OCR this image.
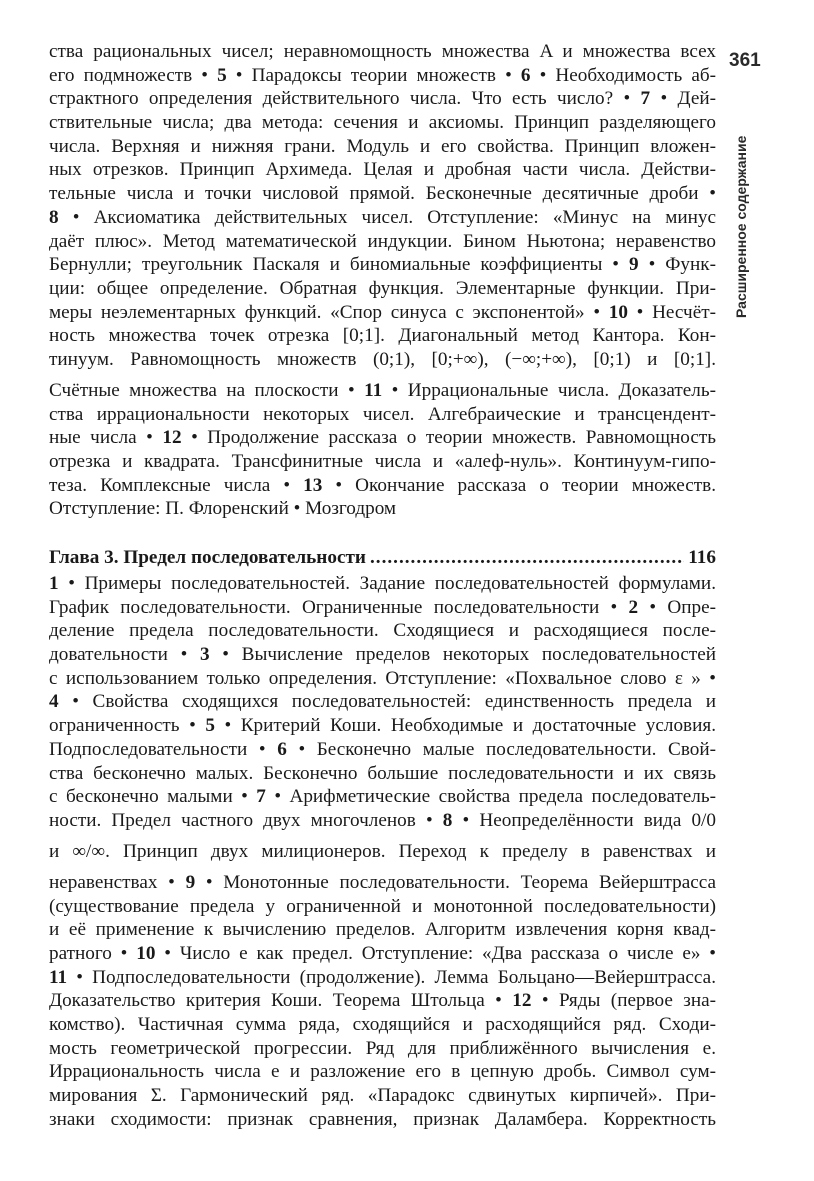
361
Расширенное содержание
ства рациональных чисел; неравномощность множества A и множества всех
его подмножеств • 5 • Парадоксы теории множеств • 6 • Необходимость аб-
страктного определения действительного числа. Что есть число? • 7 • Дей-
ствительные числа; два метода: сечения и аксиомы. Принцип разделяющего
числа. Верхняя и нижняя грани. Модуль и его свойства. Принцип вложен-
ных отрезков. Принцип Архимеда. Целая и дробная части числа. Действи-
тельные числа и точки числовой прямой. Бесконечные десятичные дроби •
8 • Аксиоматика действительных чисел. Отступление: «Минус на минус
даёт плюс». Метод математической индукции. Бином Ньютона; неравенство
Бернулли; треугольник Паскаля и биномиальные коэффициенты • 9 • Функ-
ции: общее определение. Обратная функция. Элементарные функции. При-
меры неэлементарных функций. «Спор синуса с экспонентой» • 10 • Несчёт-
ность множества точек отрезка [0;1]. Диагональный метод Кантора. Кон-
тинуум. Равномощность множеств (0;1), [0;+∞), (−∞;+∞), [0;1) и [0;1].
Счётные множества на плоскости • 11 • Иррациональные числа. Доказатель-
ства иррациональности некоторых чисел. Алгебраические и трансцендент-
ные числа • 12 • Продолжение рассказа о теории множеств. Равномощность
отрезка и квадрата. Трансфинитные числа и «алеф-нуль». Континуум-гипо-
теза. Комплексные числа • 13 • Окончание рассказа о теории множеств.
Отступление: П. Флоренский • Мозгодром
Глава 3. Предел последовательности
.....	116
1 • Примеры последовательностей. Задание последовательностей формулами.
График последовательности. Ограниченные последовательности • 2 • Опре-
деление предела последовательности. Сходящиеся и расходящиеся после-
довательности • 3 • Вычисление пределов некоторых последовательностей
с использованием только определения. Отступление: «Похвальное слово ε » •
4 • Свойства сходящихся последовательностей: единственность предела и
ограниченность • 5 • Критерий Коши. Необходимые и достаточные условия.
Подпоследовательности • 6 • Бесконечно малые последовательности. Свой-
ства бесконечно малых. Бесконечно большие последовательности и их связь
с бесконечно малыми • 7 • Арифметические свойства предела последователь-
ности. Предел частного двух многочленов • 8 • Неопределённости вида 0/0
и ∞/∞. Принцип двух милиционеров. Переход к пределу в равенствах и
неравенствах • 9 • Монотонные последовательности. Теорема Вейерштрасса
(существование предела у ограниченной и монотонной последовательности)
и её применение к вычислению пределов. Алгоритм извлечения корня квад-
ратного • 10 • Число e как предел. Отступление: «Два рассказа о числе e» •
11 • Подпоследовательности (продолжение). Лемма Больцано—Вейерштрасса.
Доказательство критерия Коши. Теорема Штольца • 12 • Ряды (первое зна-
комство). Частичная сумма ряда, сходящийся и расходящийся ряд. Сходи-
мость геометрической прогрессии. Ряд для приближённого вычисления e.
Иррациональность числа e и разложение его в цепную дробь. Символ сум-
мирования Σ. Гармонический ряд. «Парадокс сдвинутых кирпичей». При-
знаки сходимости: признак сравнения, признак Даламбера. Корректность
